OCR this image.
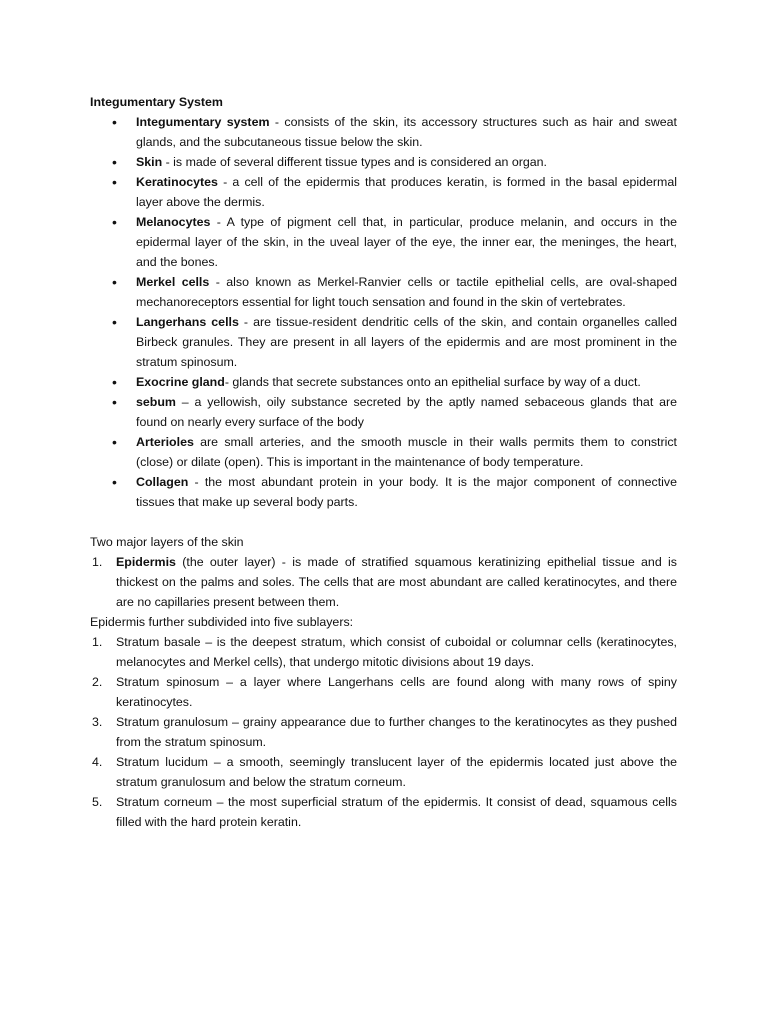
Integumentary System

• Integumentary system - consists of the skin, its accessory structures such as hair and sweat glands, and the subcutaneous tissue below the skin.
• Skin - is made of several different tissue types and is considered an organ.
• Keratinocytes - a cell of the epidermis that produces keratin, is formed in the basal epidermal layer above the dermis.
• Melanocytes - A type of pigment cell that, in particular, produce melanin, and occurs in the epidermal layer of the skin, in the uveal layer of the eye, the inner ear, the meninges, the heart, and the bones.
• Merkel cells - also known as Merkel-Ranvier cells or tactile epithelial cells, are oval-shaped mechanoreceptors essential for light touch sensation and found in the skin of vertebrates.
• Langerhans cells - are tissue-resident dendritic cells of the skin, and contain organelles called Birbeck granules. They are present in all layers of the epidermis and are most prominent in the stratum spinosum.
• Exocrine gland- glands that secrete substances onto an epithelial surface by way of a duct.
• sebum – a yellowish, oily substance secreted by the aptly named sebaceous glands that are found on nearly every surface of the body
• Arterioles are small arteries, and the smooth muscle in their walls permits them to constrict (close) or dilate (open). This is important in the maintenance of body temperature.
• Collagen - the most abundant protein in your body. It is the major component of connective tissues that make up several body parts.

Two major layers of the skin

1. Epidermis (the outer layer) - is made of stratified squamous keratinizing epithelial tissue and is thickest on the palms and soles. The cells that are most abundant are called keratinocytes, and there are no capillaries present between them.

Epidermis further subdivided into five sublayers:

1. Stratum basale – is the deepest stratum, which consist of cuboidal or columnar cells (keratinocytes, melanocytes and Merkel cells), that undergo mitotic divisions about 19 days.
2. Stratum spinosum – a layer where Langerhans cells are found along with many rows of spiny keratinocytes.
3. Stratum granulosum – grainy appearance due to further changes to the keratinocytes as they pushed from the stratum spinosum.
4. Stratum lucidum – a smooth, seemingly translucent layer of the epidermis located just above the stratum granulosum and below the stratum corneum.
5. Stratum corneum – the most superficial stratum of the epidermis. It consist of dead, squamous cells filled with the hard protein keratin.
